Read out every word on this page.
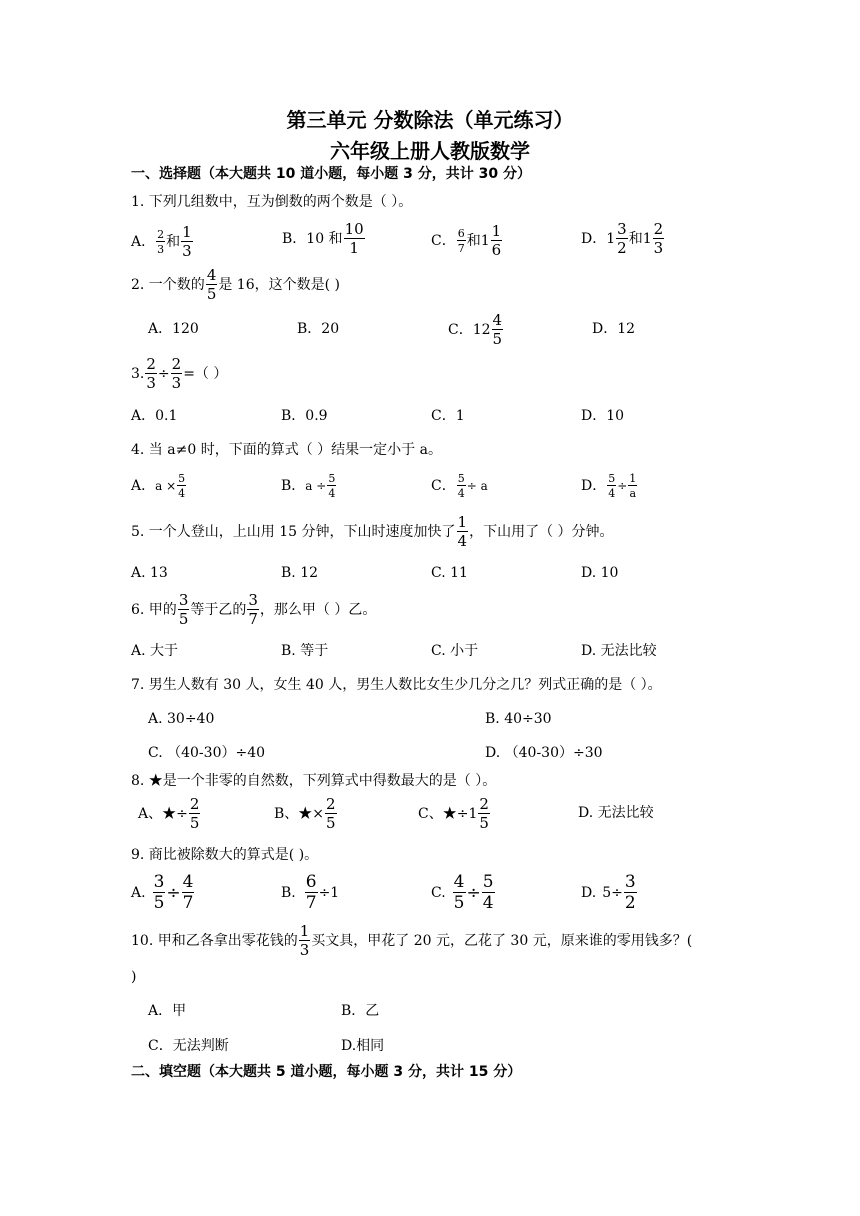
第三单元 分数除法（单元练习）
六年级上册人教版数学
一、选择题（本大题共 10 道小题，每小题 3 分，共计 30 分）
1. 下列几组数中，互为倒数的两个数是（ ）。
A． $\frac{2}{3}$ 和 $\frac{1}{3}$	B． 10 和 $\frac{10}{1}$	C． $\frac{6}{7}$ 和 $1 \frac{1}{6}$	D． $1 \frac{3}{2}$ 和 $1 \frac{2}{3}$
2. 一个数的 $\frac{4}{5}$ 是 16，这个数是( )
A．120	B．20	C． $12 \frac{4}{5}$	D．12
3. $\frac{2}{3} \div \frac{2}{3}$ =（ ）
A．0.1	B．0.9	C．1	D．10
4. 当 a≠0 时，下面的算式（ ）结果一定小于 a。
A． $a \times \frac{5}{4}$	B． $a \div \frac{5}{4}$	C． $\frac{5}{4} \div a$	D． $\frac{5}{4} \div \frac{1}{a}$
5. 一个人登山，上山用 15 分钟，下山时速度加快了 $\frac{1}{4}$ ，下山用了（ ）分钟。
A. 13	B. 12	C. 11	D. 10
6. 甲的 $\frac{3}{5}$ 等于乙的 $\frac{3}{7}$ ，那么甲（ ）乙。
A. 大于	B. 等于	C. 小于	D. 无法比较
7. 男生人数有 30 人，女生 40 人，男生人数比女生少几分之几？列式正确的是（ ）。
A. 30÷40	B. 40÷30
C. （40-30）÷40	D. （40-30）÷30
8. ★是一个非零的自然数，下列算式中得数最大的是（ ）。
A、★÷ $\frac{2}{5}$	B、★× $\frac{2}{5}$	C、★÷1 $\frac{2}{5}$	D. 无法比较
9. 商比被除数大的算式是( )。
A. $\frac{3}{5} \div \frac{4}{7}$	B. $\frac{6}{7} \div 1$	C. $\frac{4}{5} \div \frac{5}{4}$	D. $5\div \frac{3}{2}$
10. 甲和乙各拿出零花钱的 $\frac{1}{3}$ 买文具，甲花了 20 元，乙花了 30 元，原来谁的零用钱多？(
)
A．甲	B．乙
C．无法判断	D.相同
二、填空题（本大题共 5 道小题，每小题 3 分，共计 15 分）
